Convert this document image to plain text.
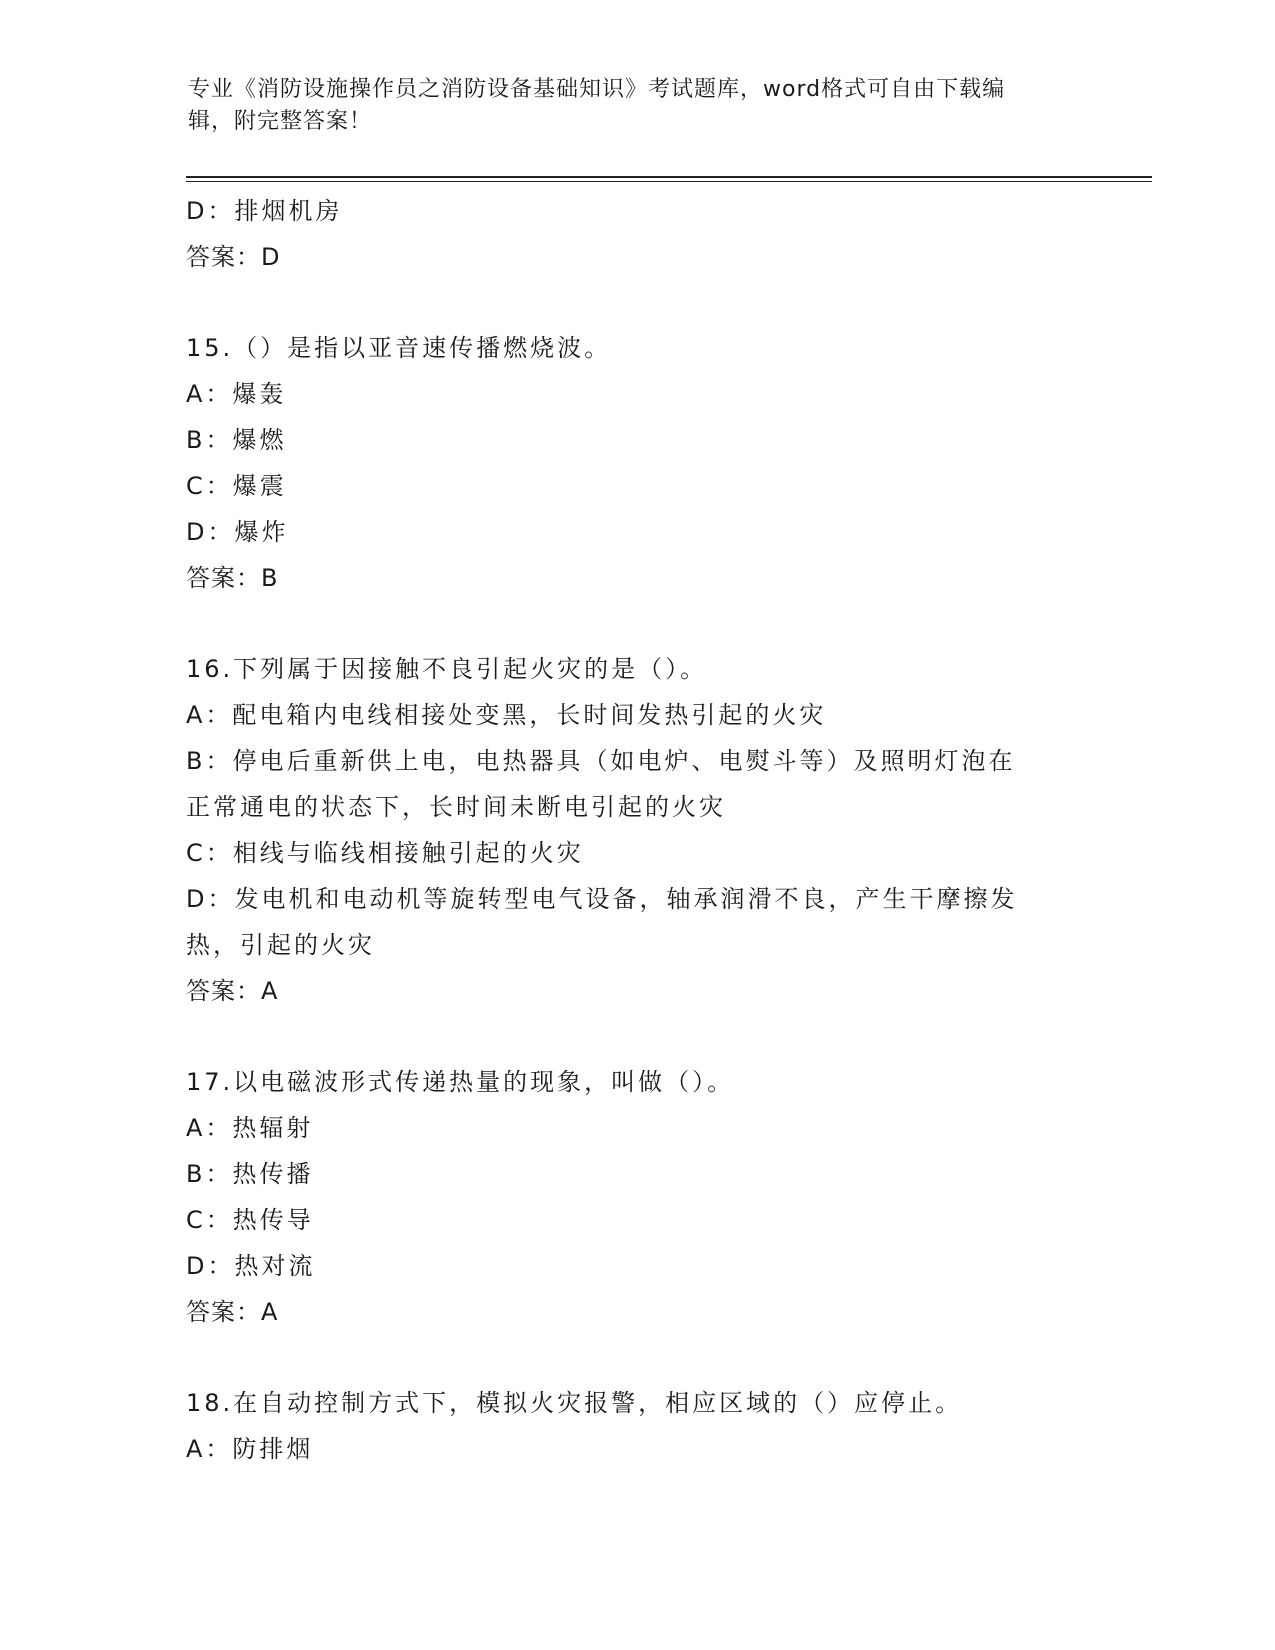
专业《消防设施操作员之消防设备基础知识》考试题库，word格式可自由下载编
辑，附完整答案！
D：排烟机房
答案：D
15.（）是指以亚音速传播燃烧波。
A：爆轰
B：爆燃
C：爆震
D：爆炸
答案：B
16.下列属于因接触不良引起火灾的是（）。
A：配电箱内电线相接处变黑，长时间发热引起的火灾
B：停电后重新供上电，电热器具（如电炉、电熨斗等）及照明灯泡在
正常通电的状态下，长时间未断电引起的火灾
C：相线与临线相接触引起的火灾
D：发电机和电动机等旋转型电气设备，轴承润滑不良，产生干摩擦发
热，引起的火灾
答案：A
17.以电磁波形式传递热量的现象，叫做（）。
A：热辐射
B：热传播
C：热传导
D：热对流
答案：A
18.在自动控制方式下，模拟火灾报警，相应区域的（）应停止。
A：防排烟
